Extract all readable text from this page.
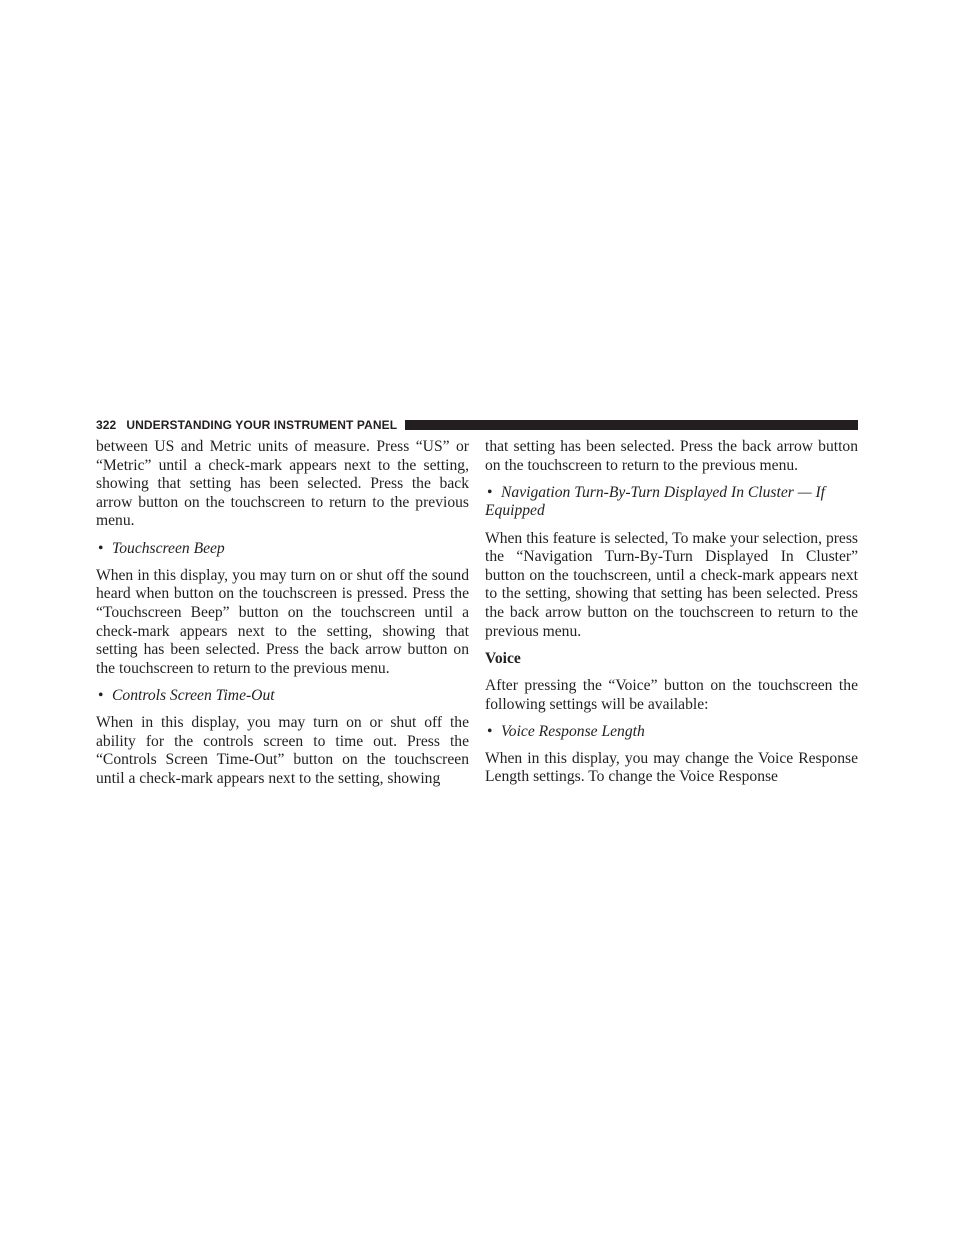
322 UNDERSTANDING YOUR INSTRUMENT PANEL

between US and Metric units of measure. Press “US” or “Metric” until a check-mark appears next to the setting, showing that setting has been selected. Press the back arrow button on the touchscreen to return to the previous menu.

• Touchscreen Beep

When in this display, you may turn on or shut off the sound heard when button on the touchscreen is pressed. Press the “Touchscreen Beep” button on the touchscreen until a check-mark appears next to the setting, showing that setting has been selected. Press the back arrow button on the touchscreen to return to the previous menu.

• Controls Screen Time-Out

When in this display, you may turn on or shut off the ability for the controls screen to time out. Press the “Controls Screen Time-Out” button on the touchscreen until a check-mark appears next to the setting, showing

that setting has been selected. Press the back arrow button on the touchscreen to return to the previous menu.

• Navigation Turn-By-Turn Displayed In Cluster — If Equipped

When this feature is selected, To make your selection, press the “Navigation Turn-By-Turn Displayed In Cluster” button on the touchscreen, until a check-mark appears next to the setting, showing that setting has been selected. Press the back arrow button on the touchscreen to return to the previous menu.

Voice

After pressing the “Voice” button on the touchscreen the following settings will be available:

• Voice Response Length

When in this display, you may change the Voice Response Length settings. To change the Voice Response
